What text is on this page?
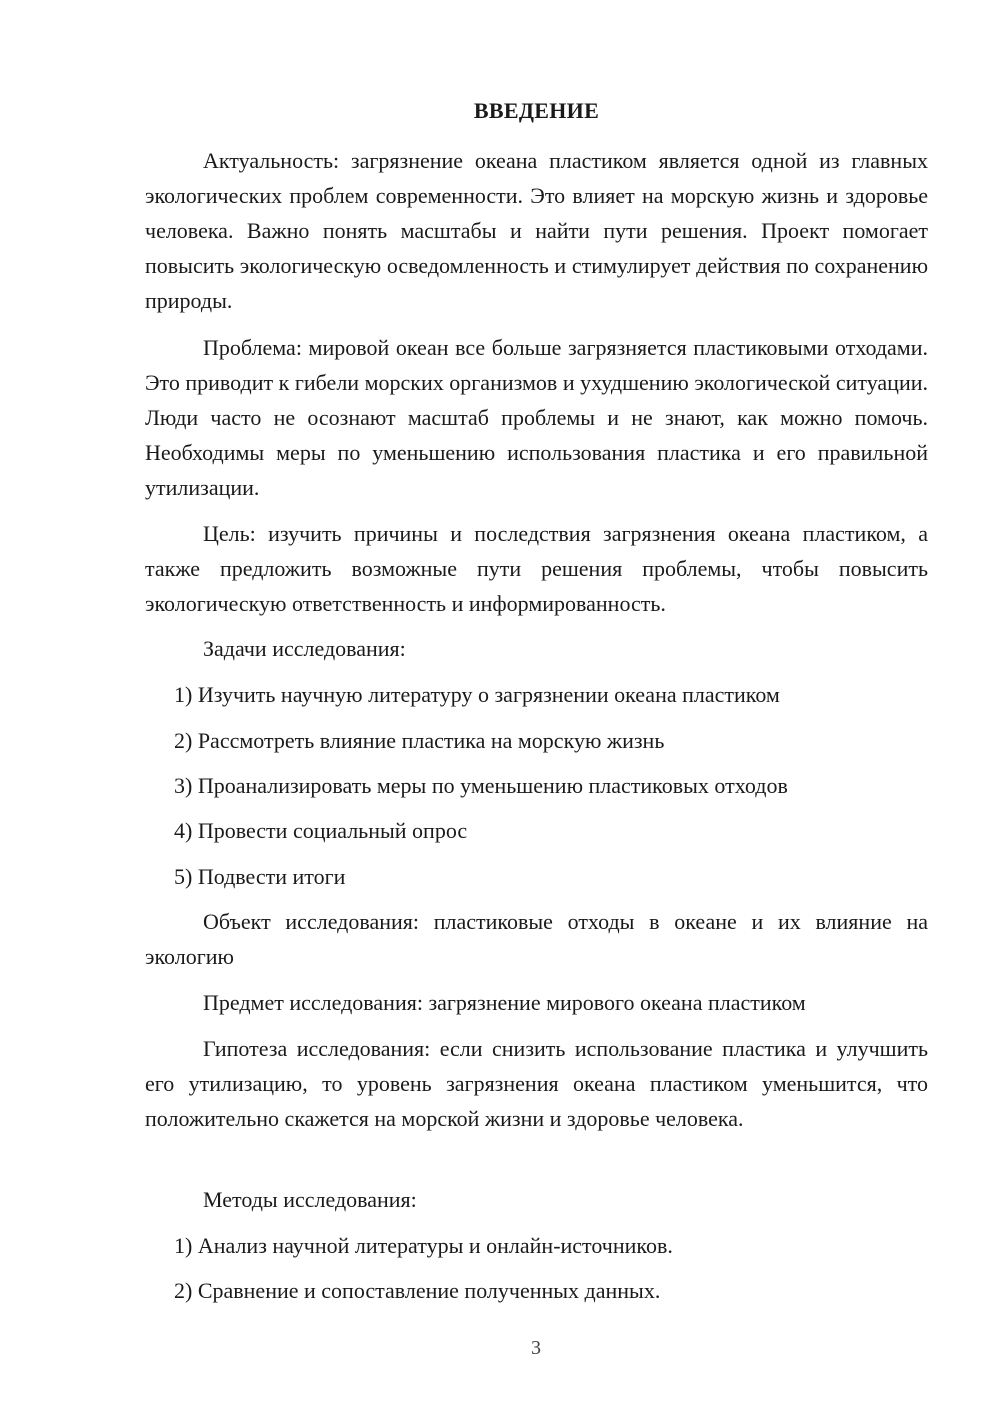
ВВЕДЕНИЕ

Актуальность: загрязнение океана пластиком является одной из главных экологических проблем современности. Это влияет на морскую жизнь и здоровье человека. Важно понять масштабы и найти пути решения. Проект помогает повысить экологическую осведомленность и стимулирует действия по сохранению природы.

Проблема: мировой океан все больше загрязняется пластиковыми отходами. Это приводит к гибели морских организмов и ухудшению экологической ситуации. Люди часто не осознают масштаб проблемы и не знают, как можно помочь. Необходимы меры по уменьшению использования пластика и его правильной утилизации.

Цель: изучить причины и последствия загрязнения океана пластиком, а также предложить возможные пути решения проблемы, чтобы повысить экологическую ответственность и информированность.

Задачи исследования:

1) Изучить научную литературу о загрязнении океана пластиком

2) Рассмотреть влияние пластика на морскую жизнь

3) Проанализировать меры по уменьшению пластиковых отходов

4) Провести социальный опрос

5) Подвести итоги

Объект исследования: пластиковые отходы в океане и их влияние на экологию

Предмет исследования: загрязнение мирового океана пластиком

Гипотеза исследования: если снизить использование пластика и улучшить его утилизацию, то уровень загрязнения океана пластиком уменьшится, что положительно скажется на морской жизни и здоровье человека.

Методы исследования:

1) Анализ научной литературы и онлайн-источников.

2) Сравнение и сопоставление полученных данных.

3
